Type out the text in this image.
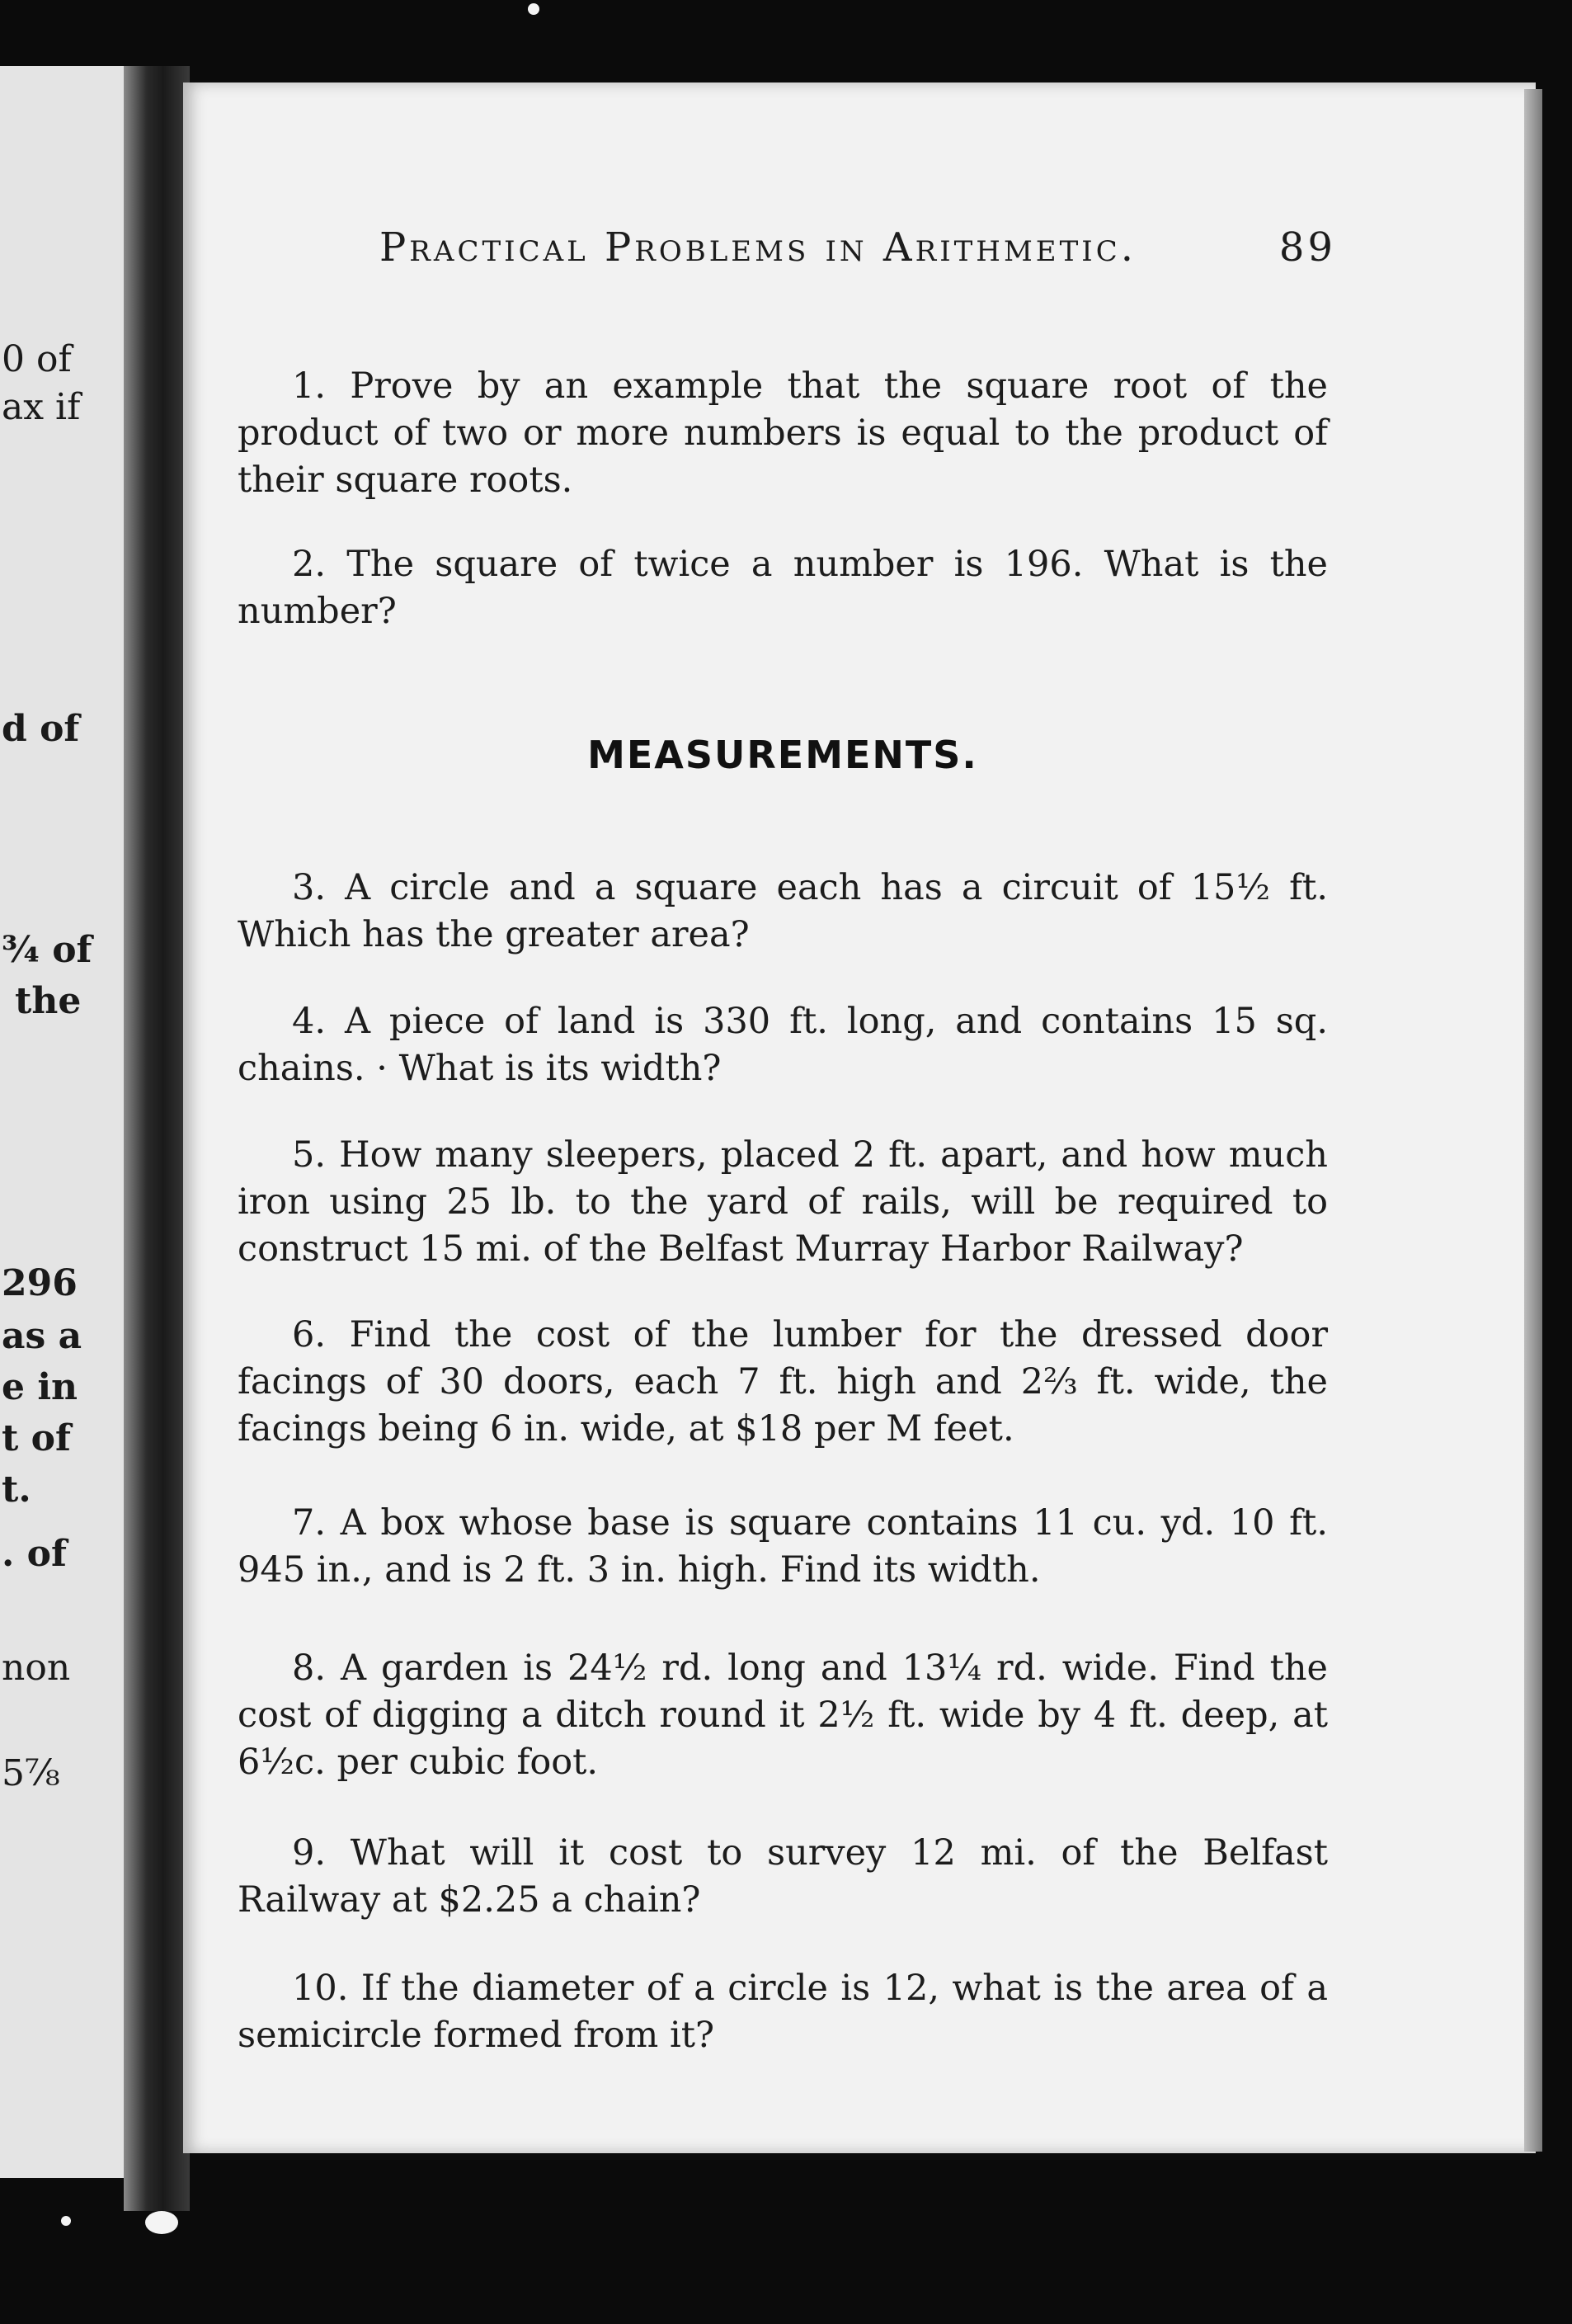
0 of
ax if
d of
¾ of
the
296
as a
e in
t of
t.
. of
non
5⅞
Practical Problems in Arithmetic.	89
1. Prove by an example that the square root of the product of two or more numbers is equal to the product of their square roots.
2. The square of twice a number is 196. What is the number?
MEASUREMENTS.
3. A circle and a square each has a circuit of 15½ ft. Which has the greater area?
4. A piece of land is 330 ft. long, and contains 15 sq. chains. · What is its width?
5. How many sleepers, placed 2 ft. apart, and how much iron using 25 lb. to the yard of rails, will be required to construct 15 mi. of the Belfast Murray Harbor Railway?
6. Find the cost of the lumber for the dressed door facings of 30 doors, each 7 ft. high and 2⅔ ft. wide, the facings being 6 in. wide, at $18 per M feet.
7. A box whose base is square contains 11 cu. yd. 10 ft. 945 in., and is 2 ft. 3 in. high. Find its width.
8. A garden is 24½ rd. long and 13¼ rd. wide. Find the cost of digging a ditch round it 2½ ft. wide by 4 ft. deep, at 6½c. per cubic foot.
9. What will it cost to survey 12 mi. of the Belfast Railway at $2.25 a chain?
10. If the diameter of a circle is 12, what is the area of a semicircle formed from it?
